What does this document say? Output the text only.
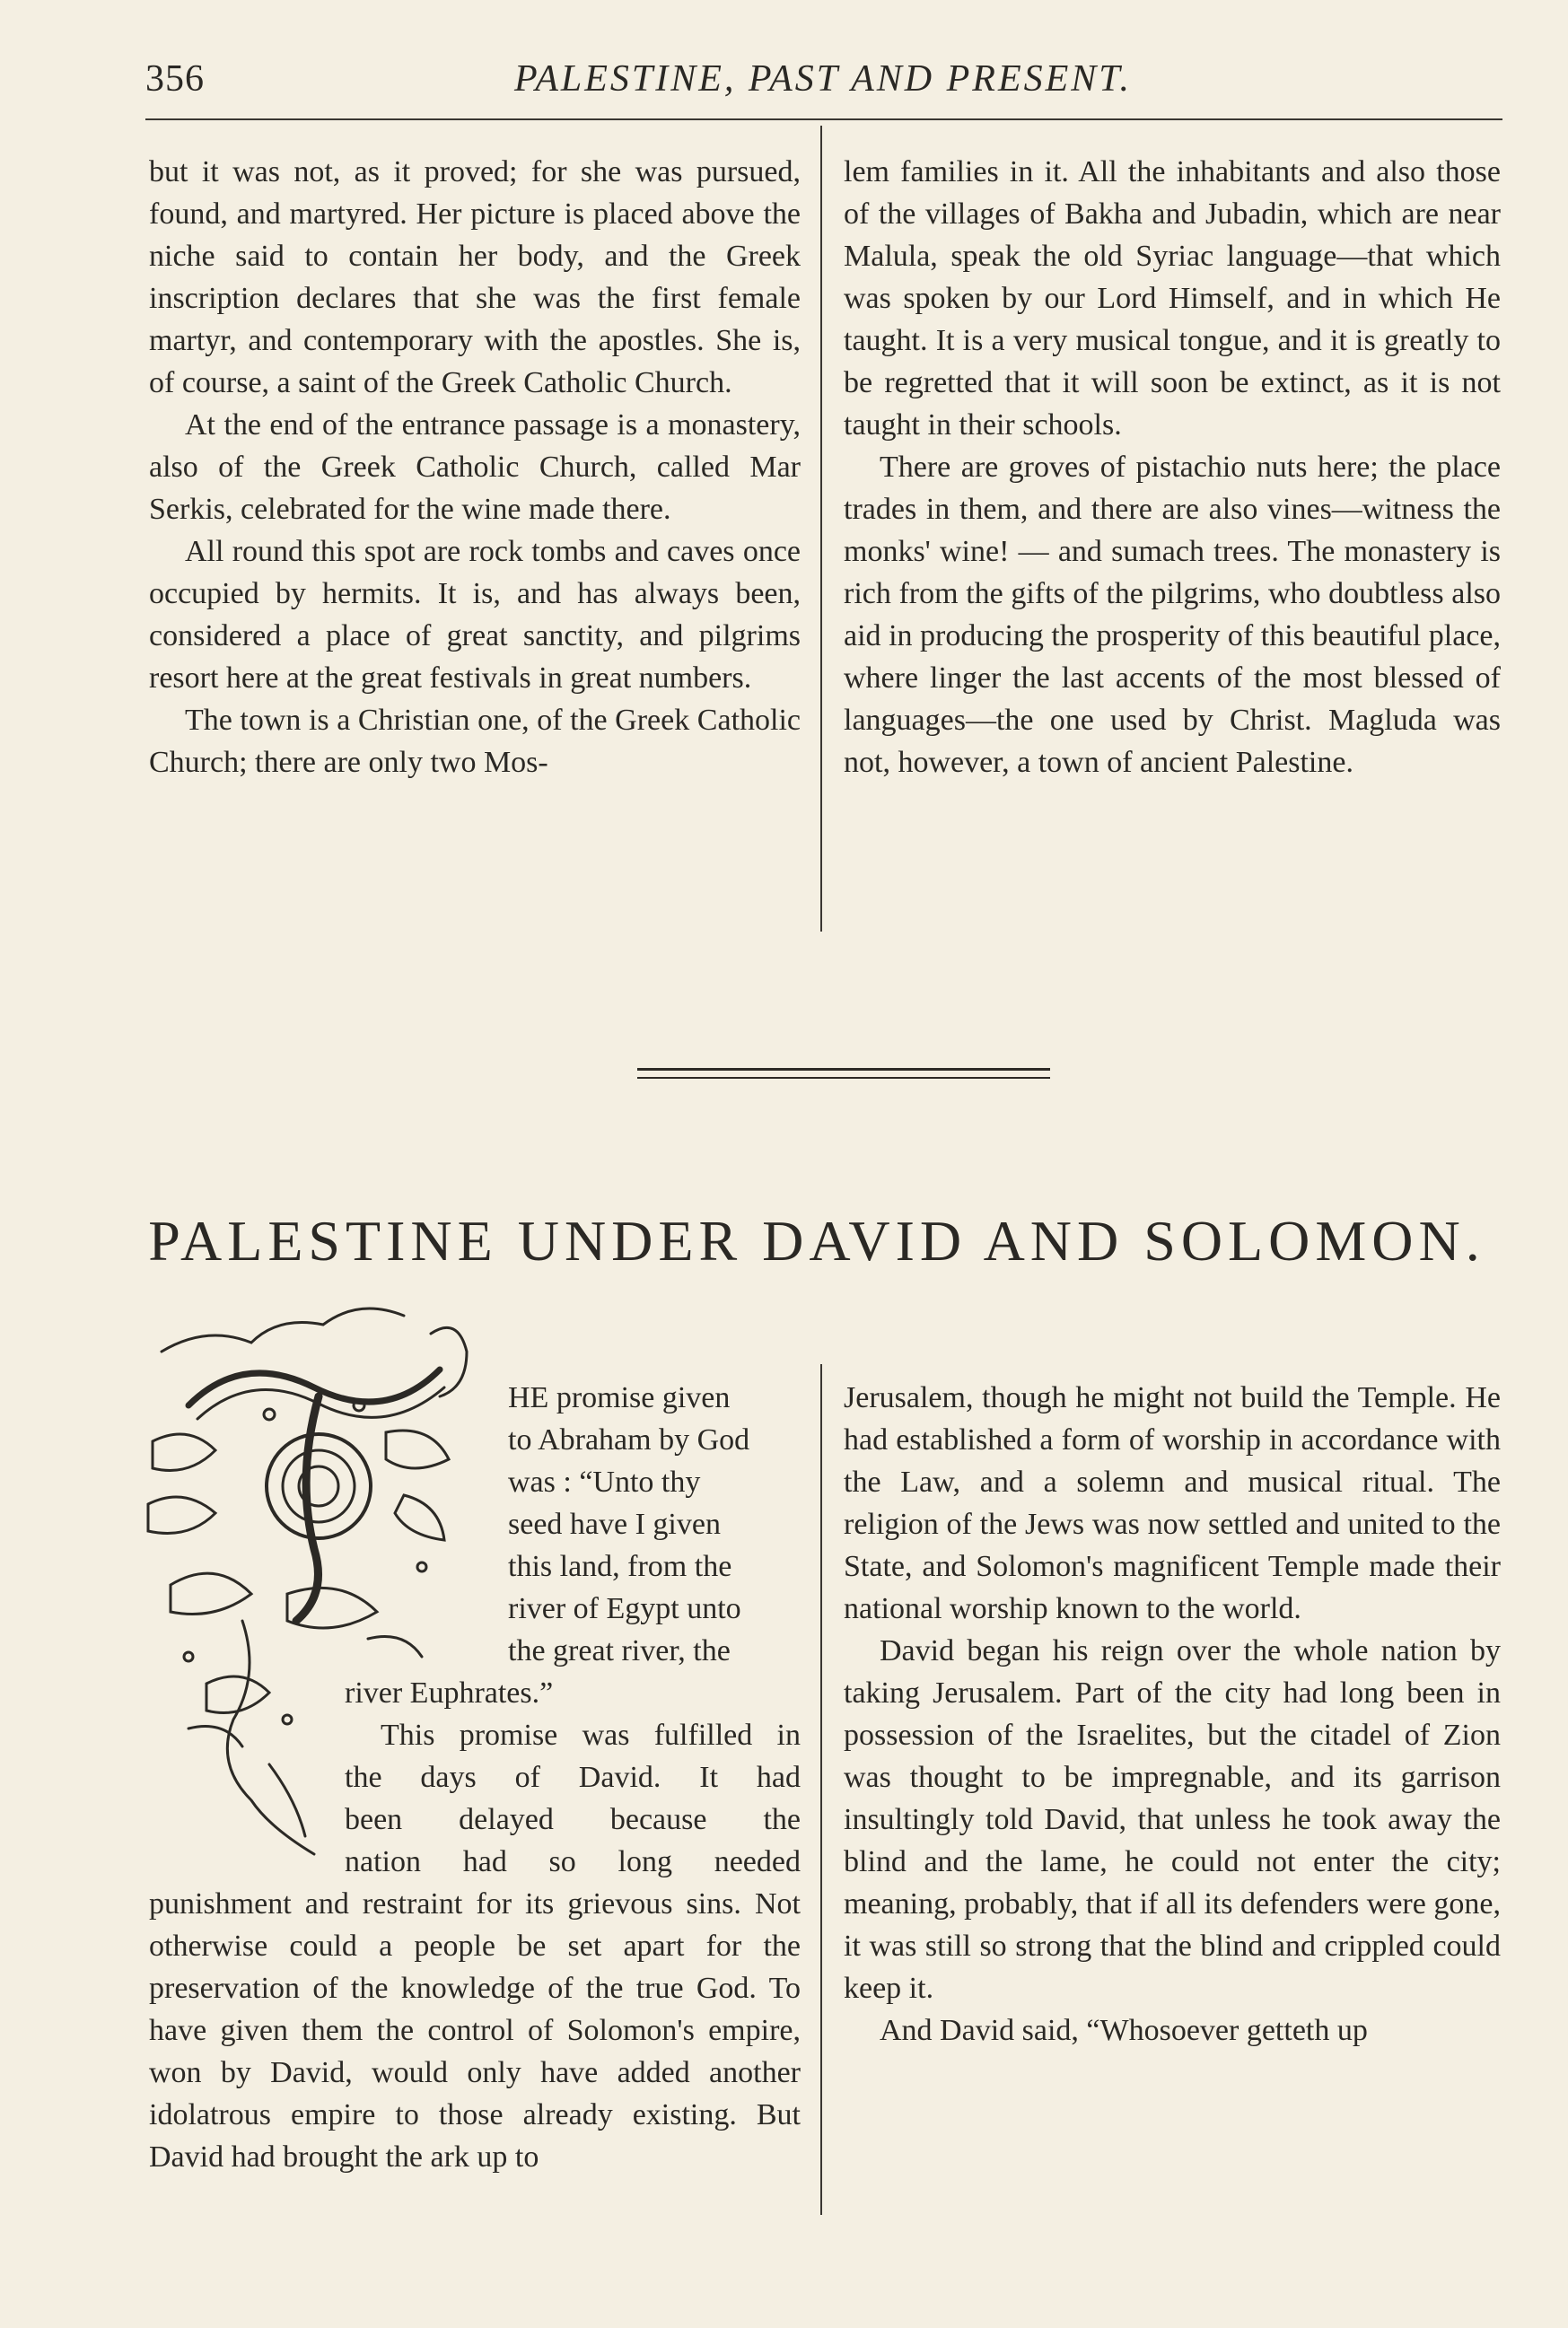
356	PALESTINE, PAST AND PRESENT.

but it was not, as it proved; for she was pursued, found, and martyred. Her picture is placed above the niche said to contain her body, and the Greek inscription declares that she was the first female martyr, and contemporary with the apostles. She is, of course, a saint of the Greek Catholic Church.

At the end of the entrance passage is a monastery, also of the Greek Catholic Church, called Mar Serkis, celebrated for the wine made there.

All round this spot are rock tombs and caves once occupied by hermits. It is, and has always been, considered a place of great sanctity, and pilgrims resort here at the great festivals in great numbers.

The town is a Christian one, of the Greek Catholic Church; there are only two Mos-

lem families in it. All the inhabitants and also those of the villages of Bakha and Jubadin, which are near Malula, speak the old Syriac language—that which was spoken by our Lord Himself, and in which He taught. It is a very musical tongue, and it is greatly to be regretted that it will soon be extinct, as it is not taught in their schools.

There are groves of pistachio nuts here; the place trades in them, and there are also vines—witness the monks' wine! — and sumach trees. The monastery is rich from the gifts of the pilgrims, who doubtless also aid in producing the prosperity of this beautiful place, where linger the last accents of the most blessed of languages—the one used by Christ. Magluda was not, however, a town of ancient Palestine.

PALESTINE UNDER DAVID AND SOLOMON.
HE promise given
to Abraham by God
was : “Unto thy
seed have I given
this land, from the
river of Egypt unto
the great river, the
river Euphrates.”
This promise was fulfilled in
the days of David. It had
been delayed because the
nation had so long needed

punishment and restraint for its grievous sins. Not otherwise could a people be set apart for the preservation of the knowledge of the true God. To have given them the control of Solomon's empire, won by David, would only have added another idolatrous empire to those already existing. But David had brought the ark up to

Jerusalem, though he might not build the Temple. He had established a form of worship in accordance with the Law, and a solemn and musical ritual. The religion of the Jews was now settled and united to the State, and Solomon's magnificent Temple made their national worship known to the world.

David began his reign over the whole nation by taking Jerusalem. Part of the city had long been in possession of the Israelites, but the citadel of Zion was thought to be impregnable, and its garrison insultingly told David, that unless he took away the blind and the lame, he could not enter the city; meaning, probably, that if all its defenders were gone, it was still so strong that the blind and crippled could keep it.

And David said, “Whosoever getteth up
